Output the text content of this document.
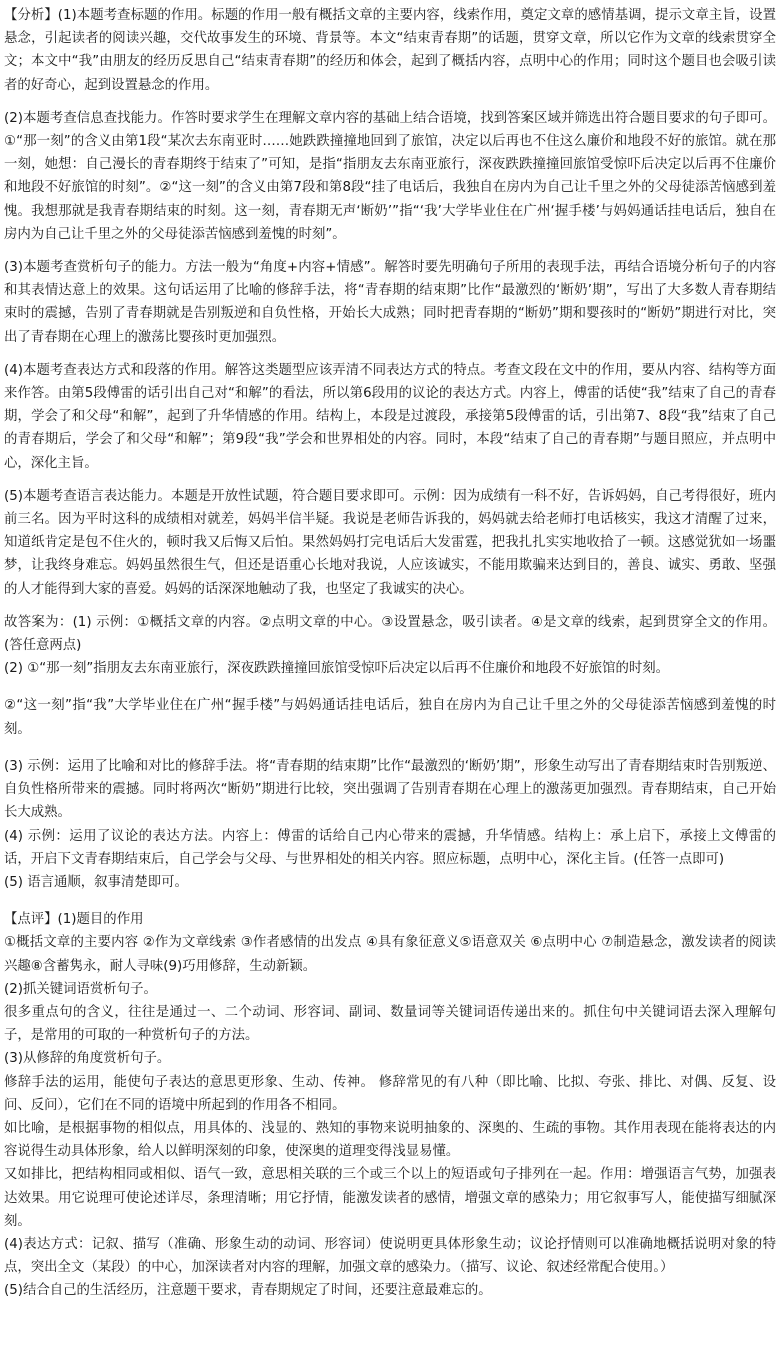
【分析】(1)本题考查标题的作用。标题的作用一般有概括文章的主要内容，线索作用，奠定文章的感情基调，提示文章主旨，设置悬念，引起读者的阅读兴趣，交代故事发生的环境、背景等。本文“结束青春期”的话题，贯穿文章，所以它作为文章的线索贯穿全文；本文中“我”由朋友的经历反思自己“结束青春期”的经历和体会，起到了概括内容，点明中心的作用；同时这个题目也会吸引读者的好奇心，起到设置悬念的作用。

(2)本题考查信息查找能力。作答时要求学生在理解文章内容的基础上结合语境，找到答案区域并筛选出符合题目要求的句子即可。①“那一刻”的含义由第1段“某次去东南亚时……她跌跌撞撞地回到了旅馆，决定以后再也不住这么廉价和地段不好的旅馆。就在那一刻，她想：自己漫长的青春期终于结束了”可知，是指“指朋友去东南亚旅行，深夜跌跌撞撞回旅馆受惊吓后决定以后再不住廉价和地段不好旅馆的时刻”。②“这一刻”的含义由第7段和第8段“挂了电话后，我独自在房内为自己让千里之外的父母徒添苦恼感到羞愧。我想那就是我青春期结束的时刻。这一刻，青春期无声‘断奶’”指“‘我’大学毕业住在广州‘握手楼’与妈妈通话挂电话后，独自在房内为自己让千里之外的父母徒添苦恼感到羞愧的时刻”。

(3)本题考查赏析句子的能力。方法一般为“角度+内容+情感”。解答时要先明确句子所用的表现手法，再结合语境分析句子的内容和其表情达意上的效果。这句话运用了比喻的修辞手法，将“青春期的结束期”比作“最激烈的‘断奶’期”，写出了大多数人青春期结束时的震撼，告别了青春期就是告别叛逆和自负性格，开始长大成熟；同时把青春期的“断奶”期和婴孩时的“断奶”期进行对比，突出了青春期在心理上的激荡比婴孩时更加强烈。

(4)本题考查表达方式和段落的作用。解答这类题型应该弄清不同表达方式的特点。考查文段在文中的作用，要从内容、结构等方面来作答。由第5段傅雷的话引出自己对“和解”的看法，所以第6段用的议论的表达方式。内容上，傅雷的话使“我”结束了自己的青春期，学会了和父母“和解”，起到了升华情感的作用。结构上，本段是过渡段，承接第5段傅雷的话，引出第7、8段“我”结束了自己的青春期后，学会了和父母“和解”；第9段“我”学会和世界相处的内容。同时，本段“结束了自己的青春期”与题目照应，并点明中心，深化主旨。

(5)本题考查语言表达能力。本题是开放性试题，符合题目要求即可。示例：因为成绩有一科不好，告诉妈妈，自己考得很好，班内前三名。因为平时这科的成绩相对就差，妈妈半信半疑。我说是老师告诉我的，妈妈就去给老师打电话核实，我这才清醒了过来，知道纸肯定是包不住火的，顿时我又后悔又后怕。果然妈妈打完电话后大发雷霆，把我扎扎实实地收拾了一顿。这感觉犹如一场噩梦，让我终身难忘。妈妈虽然很生气，但还是语重心长地对我说，人应该诚实，不能用欺骗来达到目的，善良、诚实、勇敢、坚强的人才能得到大家的喜爱。妈妈的话深深地触动了我，也坚定了我诚实的决心。

故答案为：(1) 示例：①概括文章的内容。②点明文章的中心。③设置悬念，吸引读者。④是文章的线索，起到贯穿全文的作用。(答任意两点)

(2) ①“那一刻”指朋友去东南亚旅行，深夜跌跌撞撞回旅馆受惊吓后决定以后再不住廉价和地段不好旅馆的时刻。

②“这一刻”指“我”大学毕业住在广州“握手楼”与妈妈通话挂电话后，独自在房内为自己让千里之外的父母徒添苦恼感到羞愧的时刻。

(3) 示例：运用了比喻和对比的修辞手法。将“青春期的结束期”比作“最激烈的‘断奶’期”，形象生动写出了青春期结束时告别叛逆、自负性格所带来的震撼。同时将两次“断奶”期进行比较，突出强调了告别青春期在心理上的激荡更加强烈。青春期结束，自己开始长大成熟。

(4) 示例：运用了议论的表达方法。内容上：傅雷的话给自己内心带来的震撼，升华情感。结构上：承上启下，承接上文傅雷的话，开启下文青春期结束后，自己学会与父母、与世界相处的相关内容。照应标题，点明中心，深化主旨。(任答一点即可)

(5) 语言通顺，叙事清楚即可。

【点评】(1)题目的作用

①概括文章的主要内容 ②作为文章线索 ③作者感情的出发点 ④具有象征意义⑤语意双关 ⑥点明中心 ⑦制造悬念，激发读者的阅读兴趣⑧含蓄隽永，耐人寻味(9)巧用修辞，生动新颖。

(2)抓关键词语赏析句子。

很多重点句的含义，往往是通过一、二个动词、形容词、副词、数量词等关键词语传递出来的。抓住句中关键词语去深入理解句子，是常用的可取的一种赏析句子的方法。

(3)从修辞的角度赏析句子。

修辞手法的运用，能使句子表达的意思更形象、生动、传神。 修辞常见的有八种（即比喻、比拟、夸张、排比、对偶、反复、设问、反问），它们在不同的语境中所起到的作用各不相同。

如比喻，是根据事物的相似点，用具体的、浅显的、熟知的事物来说明抽象的、深奥的、生疏的事物。其作用表现在能将表达的内容说得生动具体形象，给人以鲜明深刻的印象，使深奥的道理变得浅显易懂。

又如排比，把结构相同或相似、语气一致，意思相关联的三个或三个以上的短语或句子排列在一起。作用：增强语言气势，加强表达效果。用它说理可使论述详尽，条理清晰；用它抒情，能激发读者的感情，增强文章的感染力；用它叙事写人，能使描写细腻深刻。

(4)表达方式：记叙、描写（准确、形象生动的动词、形容词）使说明更具体形象生动；议论抒情则可以准确地概括说明对象的特点，突出全文（某段）的中心，加深读者对内容的理解，加强文章的感染力。（描写、议论、叙述经常配合使用。）

(5)结合自己的生活经历，注意题干要求，青春期规定了时间，还要注意最难忘的。
